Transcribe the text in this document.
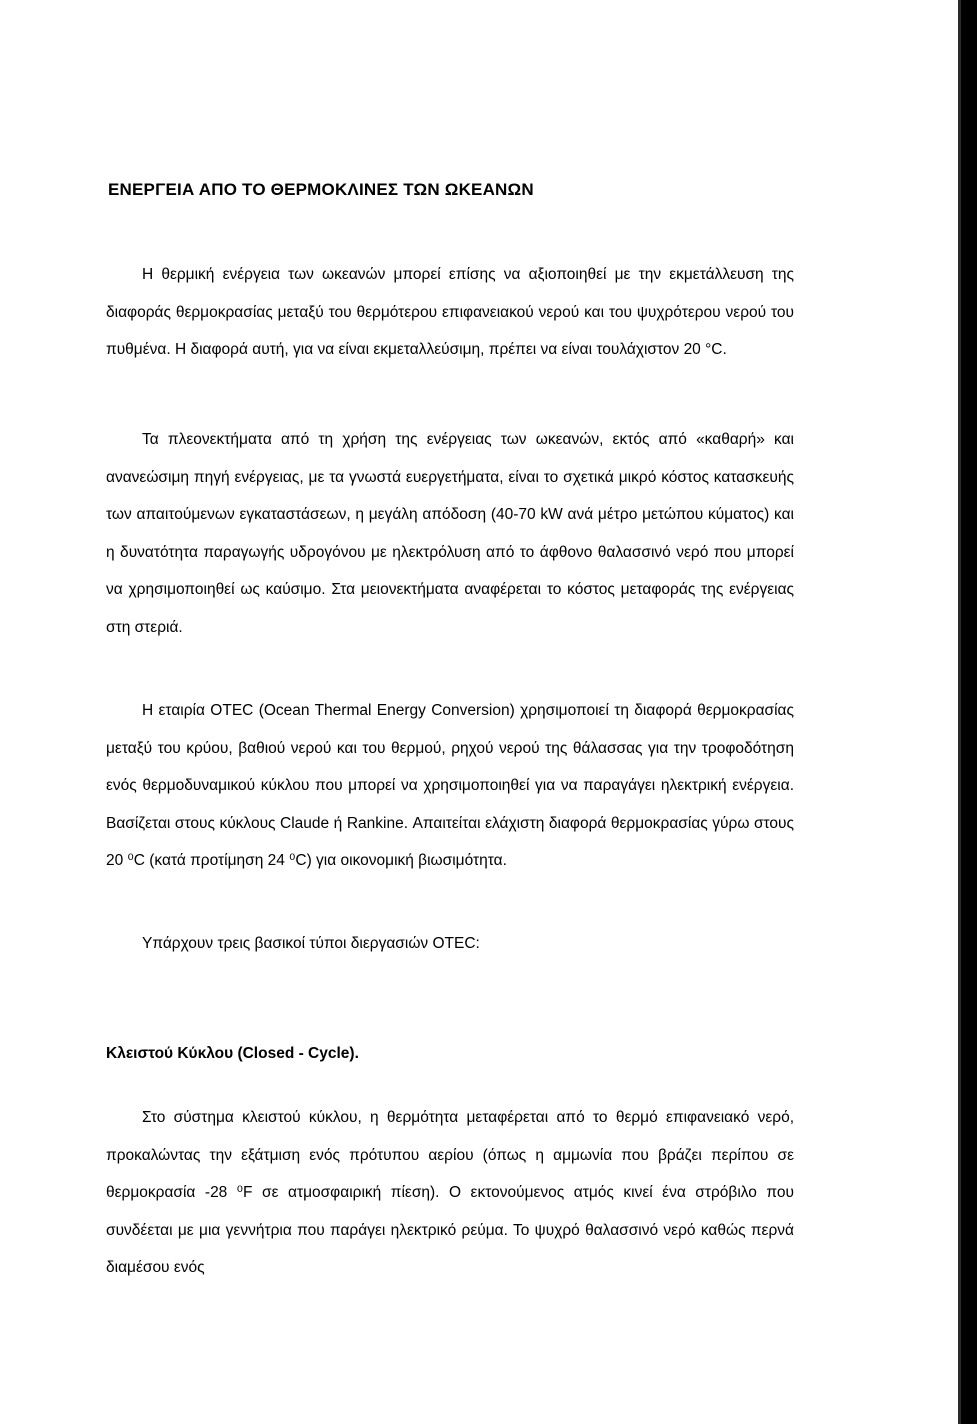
ΕΝΕΡΓΕΙΑ ΑΠΟ ΤΟ ΘΕΡΜΟΚΛΙΝΕΣ ΤΩΝ ΩΚΕΑΝΩΝ

Η θερμική ενέργεια των ωκεανών μπορεί επίσης να αξιοποιηθεί με την εκμετάλλευση της διαφοράς θερμοκρασίας μεταξύ του θερμότερου επιφανειακού νερού και του ψυχρότερου νερού του πυθμένα. Η διαφορά αυτή, για να είναι εκμεταλλεύσιμη, πρέπει να είναι τουλάχιστον 20 °C.

Τα πλεονεκτήματα από τη χρήση της ενέργειας των ωκεανών, εκτός από «καθαρή» και ανανεώσιμη πηγή ενέργειας, με τα γνωστά ευεργετήματα, είναι το σχετικά μικρό κόστος κατασκευής των απαιτούμενων εγκαταστάσεων, η μεγάλη απόδοση (40-70 kW ανά μέτρο μετώπου κύματος) και η δυνατότητα παραγωγής υδρογόνου με ηλεκτρόλυση από το άφθονο θαλασσινό νερό που μπορεί να χρησιμοποιηθεί ως καύσιμο. Στα μειονεκτήματα αναφέρεται το κόστος μεταφοράς της ενέργειας στη στεριά.

Η εταιρία OTEC (Ocean Thermal Energy Conversion) χρησιμοποιεί τη διαφορά θερμοκρασίας μεταξύ του κρύου, βαθιού νερού και του θερμού, ρηχού νερού της θάλασσας για την τροφοδότηση ενός θερμοδυναμικού κύκλου που μπορεί να χρησιμοποιηθεί για να παραγάγει ηλεκτρική ενέργεια. Βασίζεται στους κύκλους Claude ή Rankine. Απαιτείται ελάχιστη διαφορά θερμοκρασίας γύρω στους 20 ⁰C (κατά προτίμηση 24 ⁰C) για οικονομική βιωσιμότητα.

Υπάρχουν τρεις βασικοί τύποι διεργασιών OTEC:

Κλειστού Κύκλου (Closed - Cycle).

Στο σύστημα κλειστού κύκλου, η θερμότητα μεταφέρεται από το θερμό επιφανειακό νερό, προκαλώντας την εξάτμιση ενός πρότυπου αερίου (όπως η αμμωνία που βράζει περίπου σε θερμοκρασία -28 ⁰F σε ατμοσφαιρική πίεση). Ο εκτονούμενος ατμός κινεί ένα στρόβιλο που συνδέεται με μια γεννήτρια που παράγει ηλεκτρικό ρεύμα. Το ψυχρό θαλασσινό νερό καθώς περνά διαμέσου ενός
